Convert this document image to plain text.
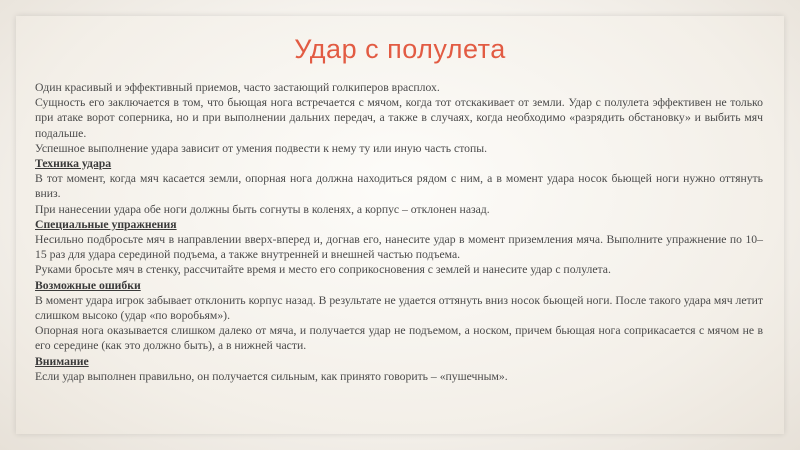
Удар с полулета

Один красивый и эффективный приемов, часто застающий голкиперов врасплох.

Сущность его заключается в том, что бьющая нога встречается с мячом, когда тот отскакивает от земли. Удар с полулета эффективен не только при атаке ворот соперника, но и при выполнении дальних передач, а также в случаях, когда необходимо «разрядить обстановку» и выбить мяч подальше.

Успешное выполнение удара зависит от умения подвести к нему ту или иную часть стопы.

Техника удара

В тот момент, когда мяч касается земли, опорная нога должна находиться рядом с ним, а в момент удара носок бьющей ноги нужно оттянуть вниз.

При нанесении удара обе ноги должны быть согнуты в коленях, а корпус – отклонен назад.

Специальные упражнения

Несильно подбросьте мяч в направлении вверх-вперед и, догнав его, нанесите удар в момент приземления мяча. Выполните упражнение по 10–15 раз для удара серединой подъема, а также внутренней и внешней частью подъема.

Руками бросьте мяч в стенку, рассчитайте время и место его соприкосновения с землей и нанесите удар с полулета.

Возможные ошибки

В момент удара игрок забывает отклонить корпус назад. В результате не удается оттянуть вниз носок бьющей ноги. После такого удара мяч летит слишком высоко (удар «по воробьям»).

Опорная нога оказывается слишком далеко от мяча, и получается удар не подъемом, а носком, причем бьющая нога соприкасается с мячом не в его середине (как это должно быть), а в нижней части.

Внимание

Если удар выполнен правильно, он получается сильным, как принято говорить – «пушечным».
